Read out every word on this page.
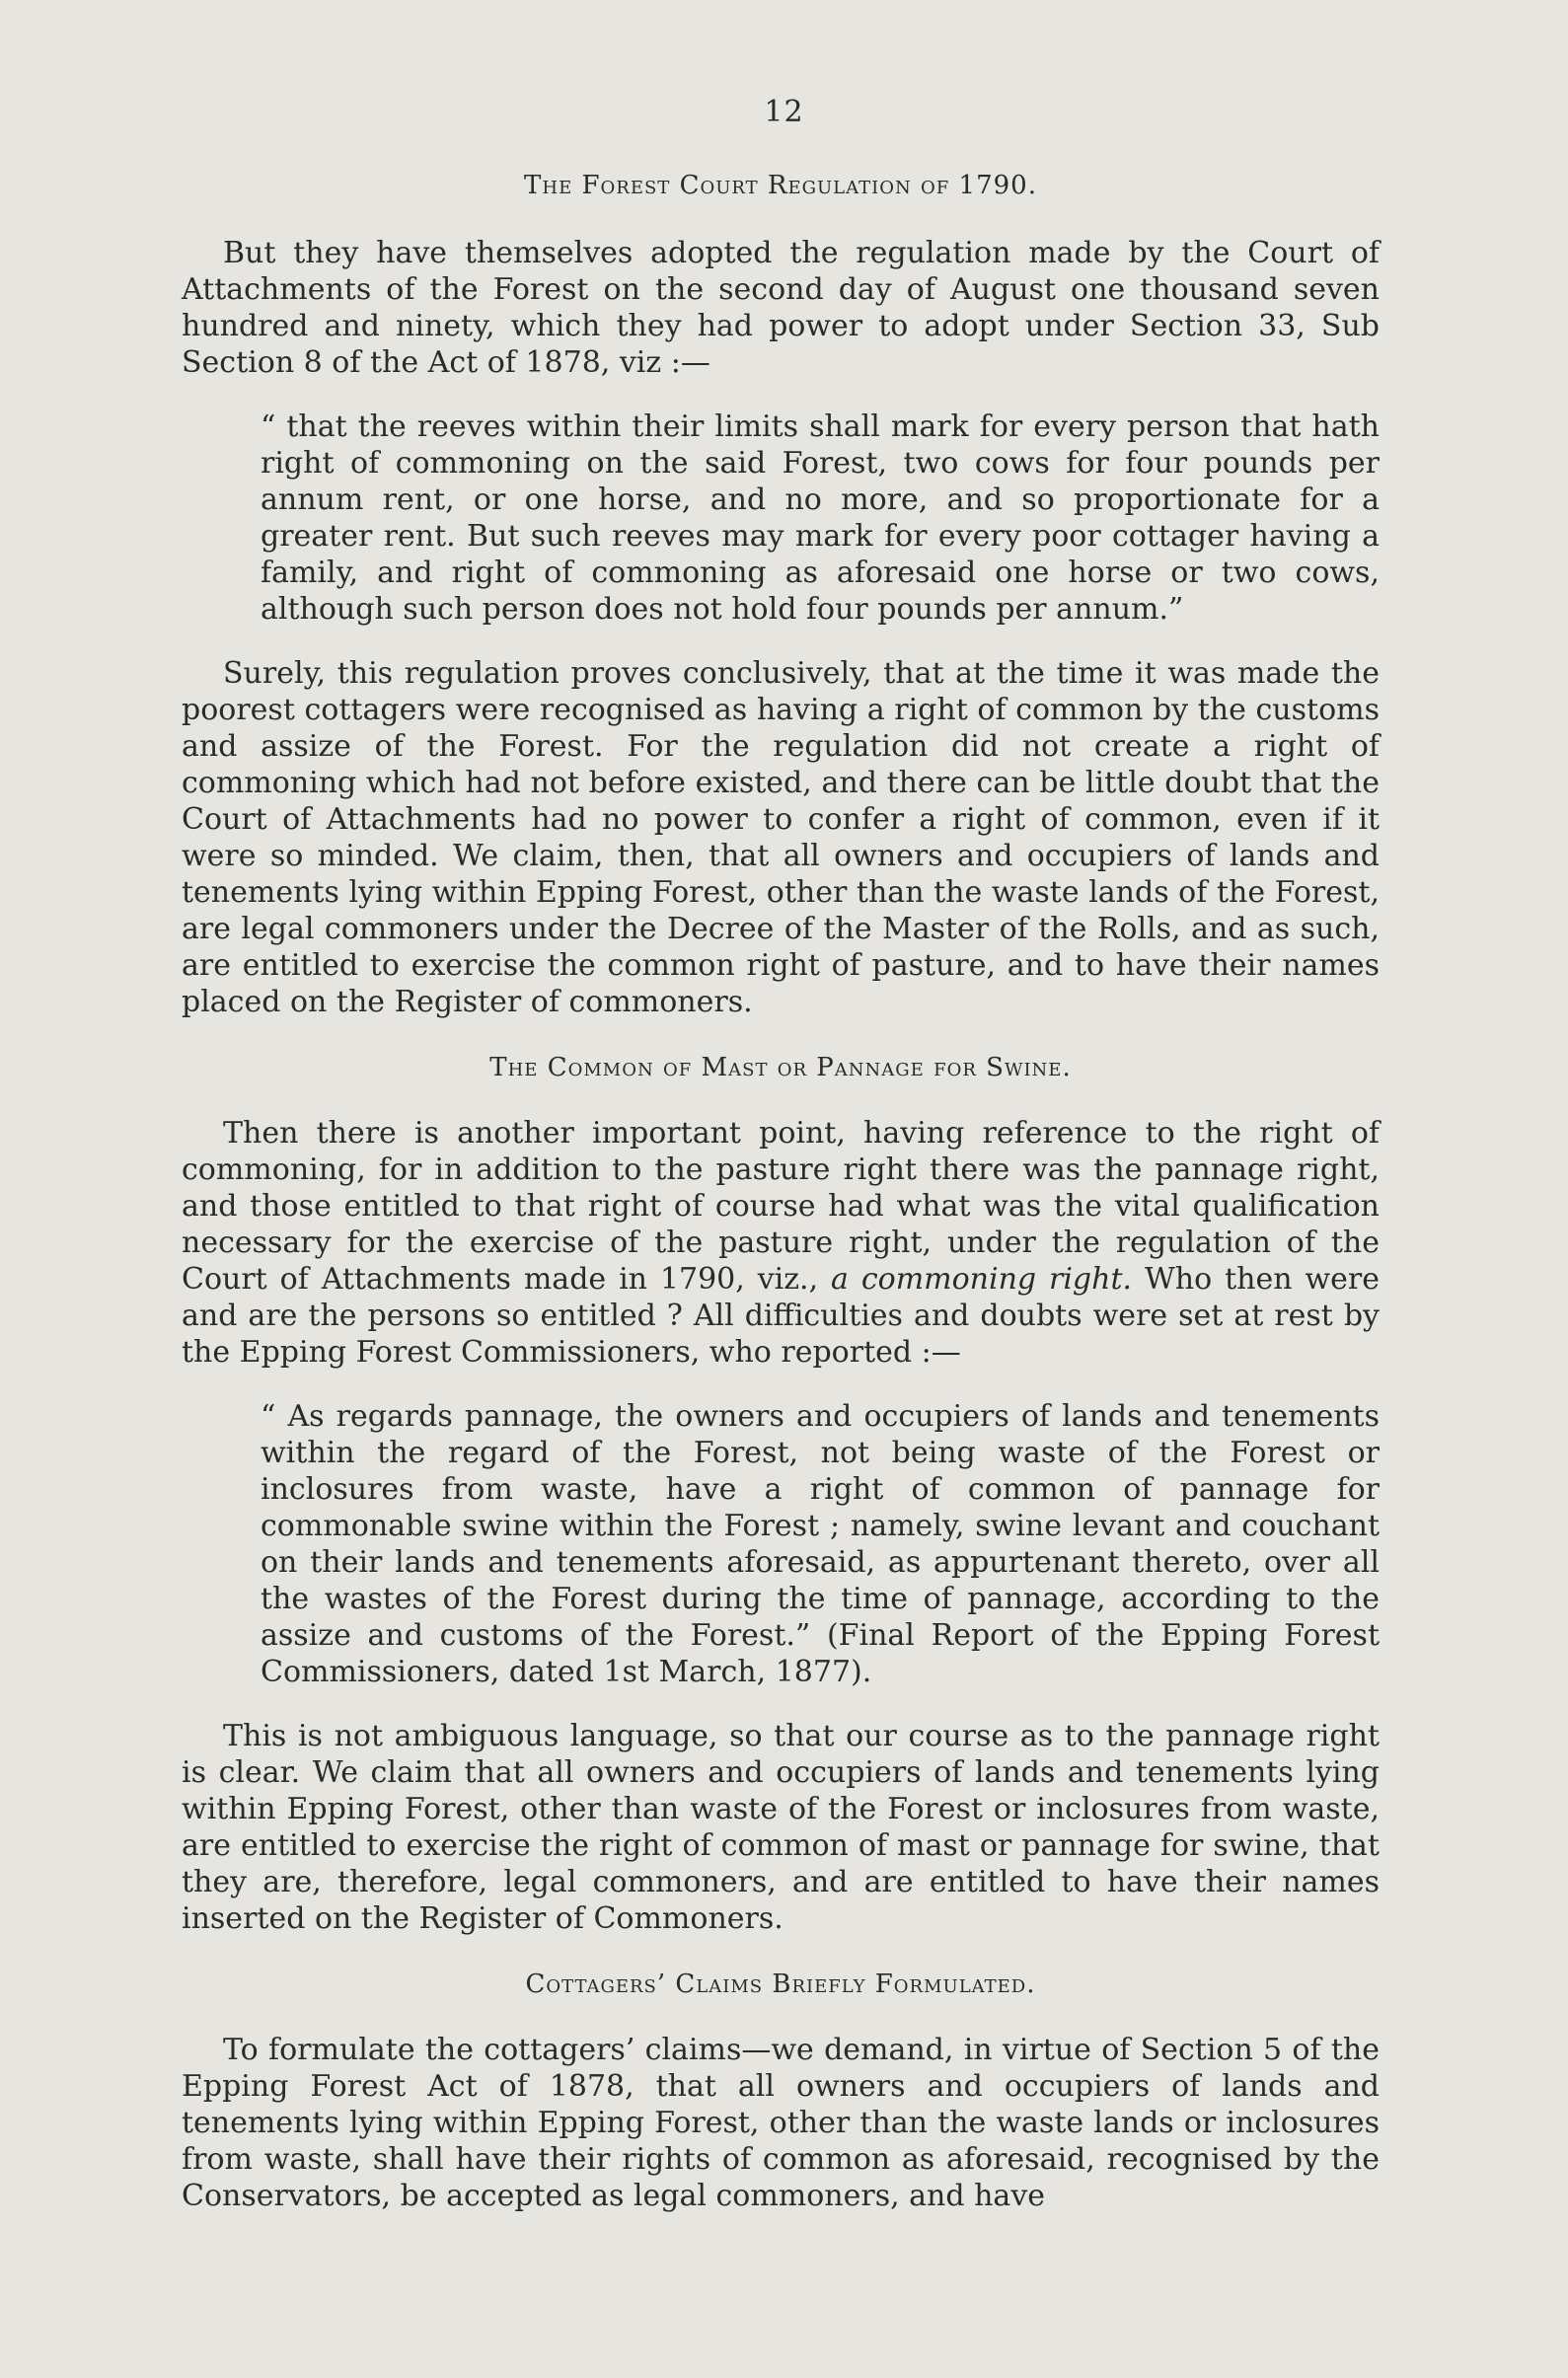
12
The Forest Court Regulation of 1790.

But they have themselves adopted the regulation made by the Court of Attachments of the Forest on the second day of August one thousand seven hundred and ninety, which they had power to adopt under Section 33, Sub Section 8 of the Act of 1878, viz :—

“ that the reeves within their limits shall mark for every person that hath right of commoning on the said Forest, two cows for four pounds per annum rent, or one horse, and no more, and so proportionate for a greater rent. But such reeves may mark for every poor cottager having a family, and right of commoning as aforesaid one horse or two cows, although such person does not hold four pounds per annum.”

Surely, this regulation proves conclusively, that at the time it was made the poorest cottagers were recognised as having a right of common by the customs and assize of the Forest. For the regulation did not create a right of commoning which had not before existed, and there can be little doubt that the Court of Attachments had no power to confer a right of common, even if it were so minded. We claim, then, that all owners and occupiers of lands and tenements lying within Epping Forest, other than the waste lands of the Forest, are legal commoners under the Decree of the Master of the Rolls, and as such, are entitled to exercise the common right of pasture, and to have their names placed on the Register of commoners.

The Common of Mast or Pannage for Swine.

Then there is another important point, having reference to the right of commoning, for in addition to the pasture right there was the pannage right, and those entitled to that right of course had what was the vital qualification necessary for the exercise of the pasture right, under the regulation of the Court of Attachments made in 1790, viz., a commoning right. Who then were and are the persons so entitled ? All difficulties and doubts were set at rest by the Epping Forest Commissioners, who reported :—

“ As regards pannage, the owners and occupiers of lands and tenements within the regard of the Forest, not being waste of the Forest or inclosures from waste, have a right of common of pannage for commonable swine within the Forest ; namely, swine levant and couchant on their lands and tenements aforesaid, as appurtenant thereto, over all the wastes of the Forest during the time of pannage, according to the assize and customs of the Forest.” (Final Report of the Epping Forest Commissioners, dated 1st March, 1877).

This is not ambiguous language, so that our course as to the pannage right is clear. We claim that all owners and occupiers of lands and tenements lying within Epping Forest, other than waste of the Forest or inclosures from waste, are entitled to exercise the right of common of mast or pannage for swine, that they are, therefore, legal commoners, and are entitled to have their names inserted on the Register of Commoners.

Cottagers’ Claims Briefly Formulated.

To formulate the cottagers’ claims—we demand, in virtue of Section 5 of the Epping Forest Act of 1878, that all owners and occupiers of lands and tenements lying within Epping Forest, other than the waste lands or inclosures from waste, shall have their rights of common as aforesaid, recognised by the Conservators, be accepted as legal commoners, and have
